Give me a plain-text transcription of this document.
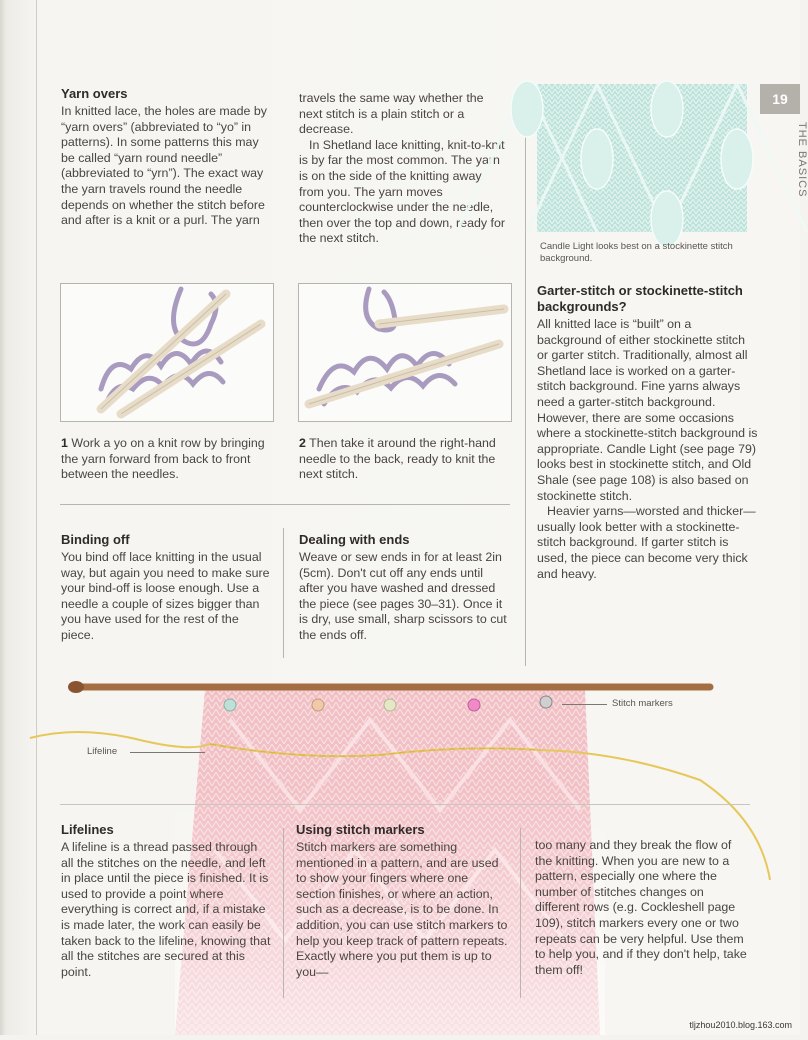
19
THE BASICS
Yarn overs

In knitted lace, the holes are made by “yarn overs” (abbreviated to “yo” in patterns). In some patterns this may be called “yarn round needle” (abbreviated to “yrn”). The exact way the yarn travels round the needle depends on whether the stitch before and after is a knit or a purl. The yarn

travels the same way whether the next stitch is a plain stitch or a decrease.

In Shetland lace knitting, knit-to-knit is by far the most common. The yarn is on the side of the knitting away from you. The yarn moves counterclockwise under the needle, then over the top and down, ready for the next stitch.

1 Work a yo on a knit row by bringing the yarn forward from back to front between the needles.
2 Then take it around the right-hand needle to the back, ready to knit the next stitch.
Candle Light looks best on a stockinette stitch background.
Garter-stitch or stockinette-stitch backgrounds?

All knitted lace is “built” on a background of either stockinette stitch or garter stitch. Traditionally, almost all Shetland lace is worked on a garter-stitch background. Fine yarns always need a garter-stitch background. However, there are some occasions where a stockinette-stitch background is appropriate. Candle Light (see page 79) looks best in stockinette stitch, and Old Shale (see page 108) is also based on stockinette stitch.

Heavier yarns—worsted and thicker—usually look better with a stockinette-stitch background. If garter stitch is used, the piece can become very thick and heavy.

Binding off

You bind off lace knitting in the usual way, but again you need to make sure your bind-off is loose enough. Use a needle a couple of sizes bigger than you have used for the rest of the piece.

Dealing with ends

Weave or sew ends in for at least 2in (5cm). Don't cut off any ends until after you have washed and dressed the piece (see pages 30–31). Once it is dry, use small, sharp scissors to cut the ends off.

Stitch markers
Lifeline
Lifelines

A lifeline is a thread passed through all the stitches on the needle, and left in place until the piece is finished. It is used to provide a point where everything is correct and, if a mistake is made later, the work can easily be taken back to the lifeline, knowing that all the stitches are secured at this point.

Using stitch markers

Stitch markers are something mentioned in a pattern, and are used to show your fingers where one section finishes, or where an action, such as a decrease, is to be done. In addition, you can use stitch markers to help you keep track of pattern repeats. Exactly where you put them is up to you—

too many and they break the flow of the knitting. When you are new to a pattern, especially one where the number of stitches changes on different rows (e.g. Cockleshell page 109), stitch markers every one or two repeats can be very helpful. Use them to help you, and if they don't help, take them off!

tljzhou2010.blog.163.com
